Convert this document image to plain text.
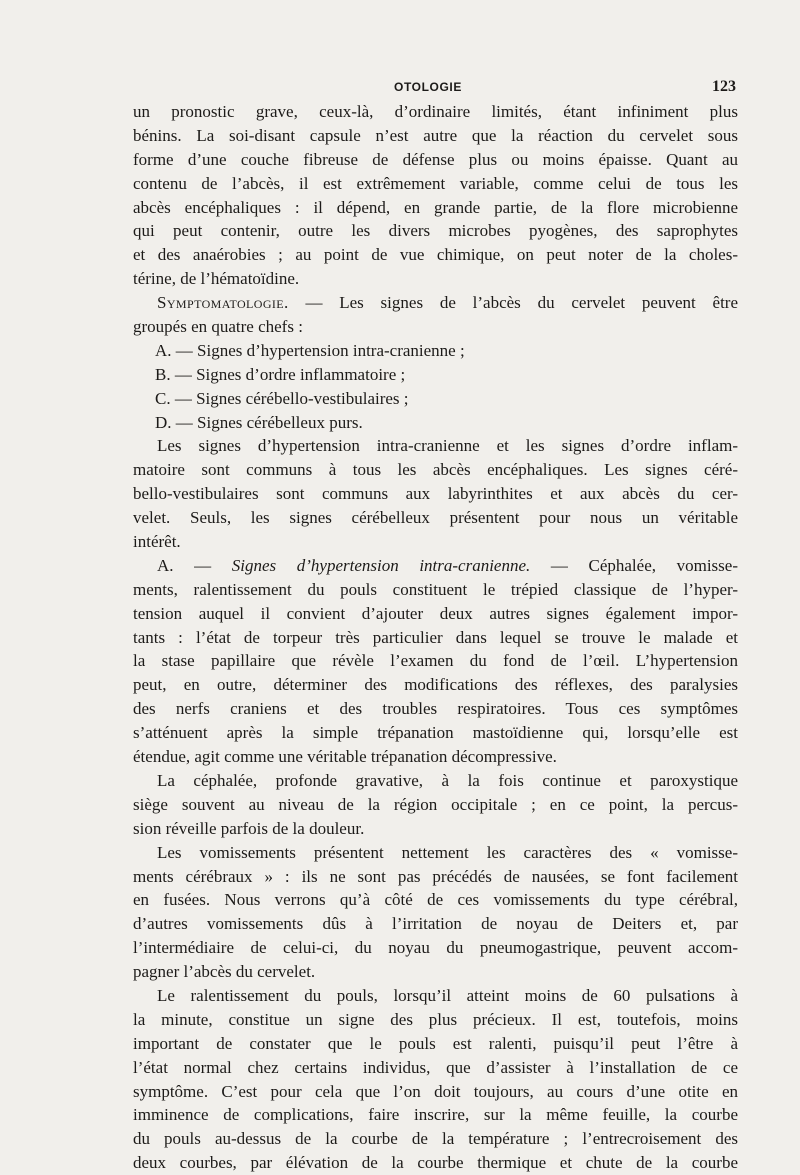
OTOLOGIE	123
un pronostic grave, ceux-là, d’ordinaire limités, étant infiniment plus
bénins. La soi-disant capsule n’est autre que la réaction du cervelet sous
forme d’une couche fibreuse de défense plus ou moins épaisse. Quant au
contenu de l’abcès, il est extrêmement variable, comme celui de tous les
abcès encéphaliques : il dépend, en grande partie, de la flore microbienne
qui peut contenir, outre les divers microbes pyogènes, des saprophytes
et des anaérobies ; au point de vue chimique, on peut noter de la choles-
térine, de l’hématoïdine.
Symptomatologie. — Les signes de l’abcès du cervelet peuvent être
groupés en quatre chefs :
A. — Signes d’hypertension intra-cranienne ;
B. — Signes d’ordre inflammatoire ;
C. — Signes cérébello-vestibulaires ;
D. — Signes cérébelleux purs.
Les signes d’hypertension intra-cranienne et les signes d’ordre inflam-
matoire sont communs à tous les abcès encéphaliques. Les signes céré-
bello-vestibulaires sont communs aux labyrinthites et aux abcès du cer-
velet. Seuls, les signes cérébelleux présentent pour nous un véritable
intérêt.
A. — Signes d’hypertension intra-cranienne. — Céphalée, vomisse-
ments, ralentissement du pouls constituent le trépied classique de l’hyper-
tension auquel il convient d’ajouter deux autres signes également impor-
tants : l’état de torpeur très particulier dans lequel se trouve le malade et
la stase papillaire que révèle l’examen du fond de l’œil. L’hypertension
peut, en outre, déterminer des modifications des réflexes, des paralysies
des nerfs craniens et des troubles respiratoires. Tous ces symptômes
s’atténuent après la simple trépanation mastoïdienne qui, lorsqu’elle est
étendue, agit comme une véritable trépanation décompressive.
La céphalée, profonde gravative, à la fois continue et paroxystique
siège souvent au niveau de la région occipitale ; en ce point, la percus-
sion réveille parfois de la douleur.
Les vomissements présentent nettement les caractères des « vomisse-
ments cérébraux » : ils ne sont pas précédés de nausées, se font facilement
en fusées. Nous verrons qu’à côté de ces vomissements du type cérébral,
d’autres vomissements dûs à l’irritation de noyau de Deiters et, par
l’intermédiaire de celui-ci, du noyau du pneumogastrique, peuvent accom-
pagner l’abcès du cervelet.
Le ralentissement du pouls, lorsqu’il atteint moins de 60 pulsations à
la minute, constitue un signe des plus précieux. Il est, toutefois, moins
important de constater que le pouls est ralenti, puisqu’il peut l’être à
l’état normal chez certains individus, que d’assister à l’installation de ce
symptôme. C’est pour cela que l’on doit toujours, au cours d’une otite en
imminence de complications, faire inscrire, sur la même feuille, la courbe
du pouls au-dessus de la courbe de la température ; l’entrecroisement des
deux courbes, par élévation de la courbe thermique et chute de la courbe
